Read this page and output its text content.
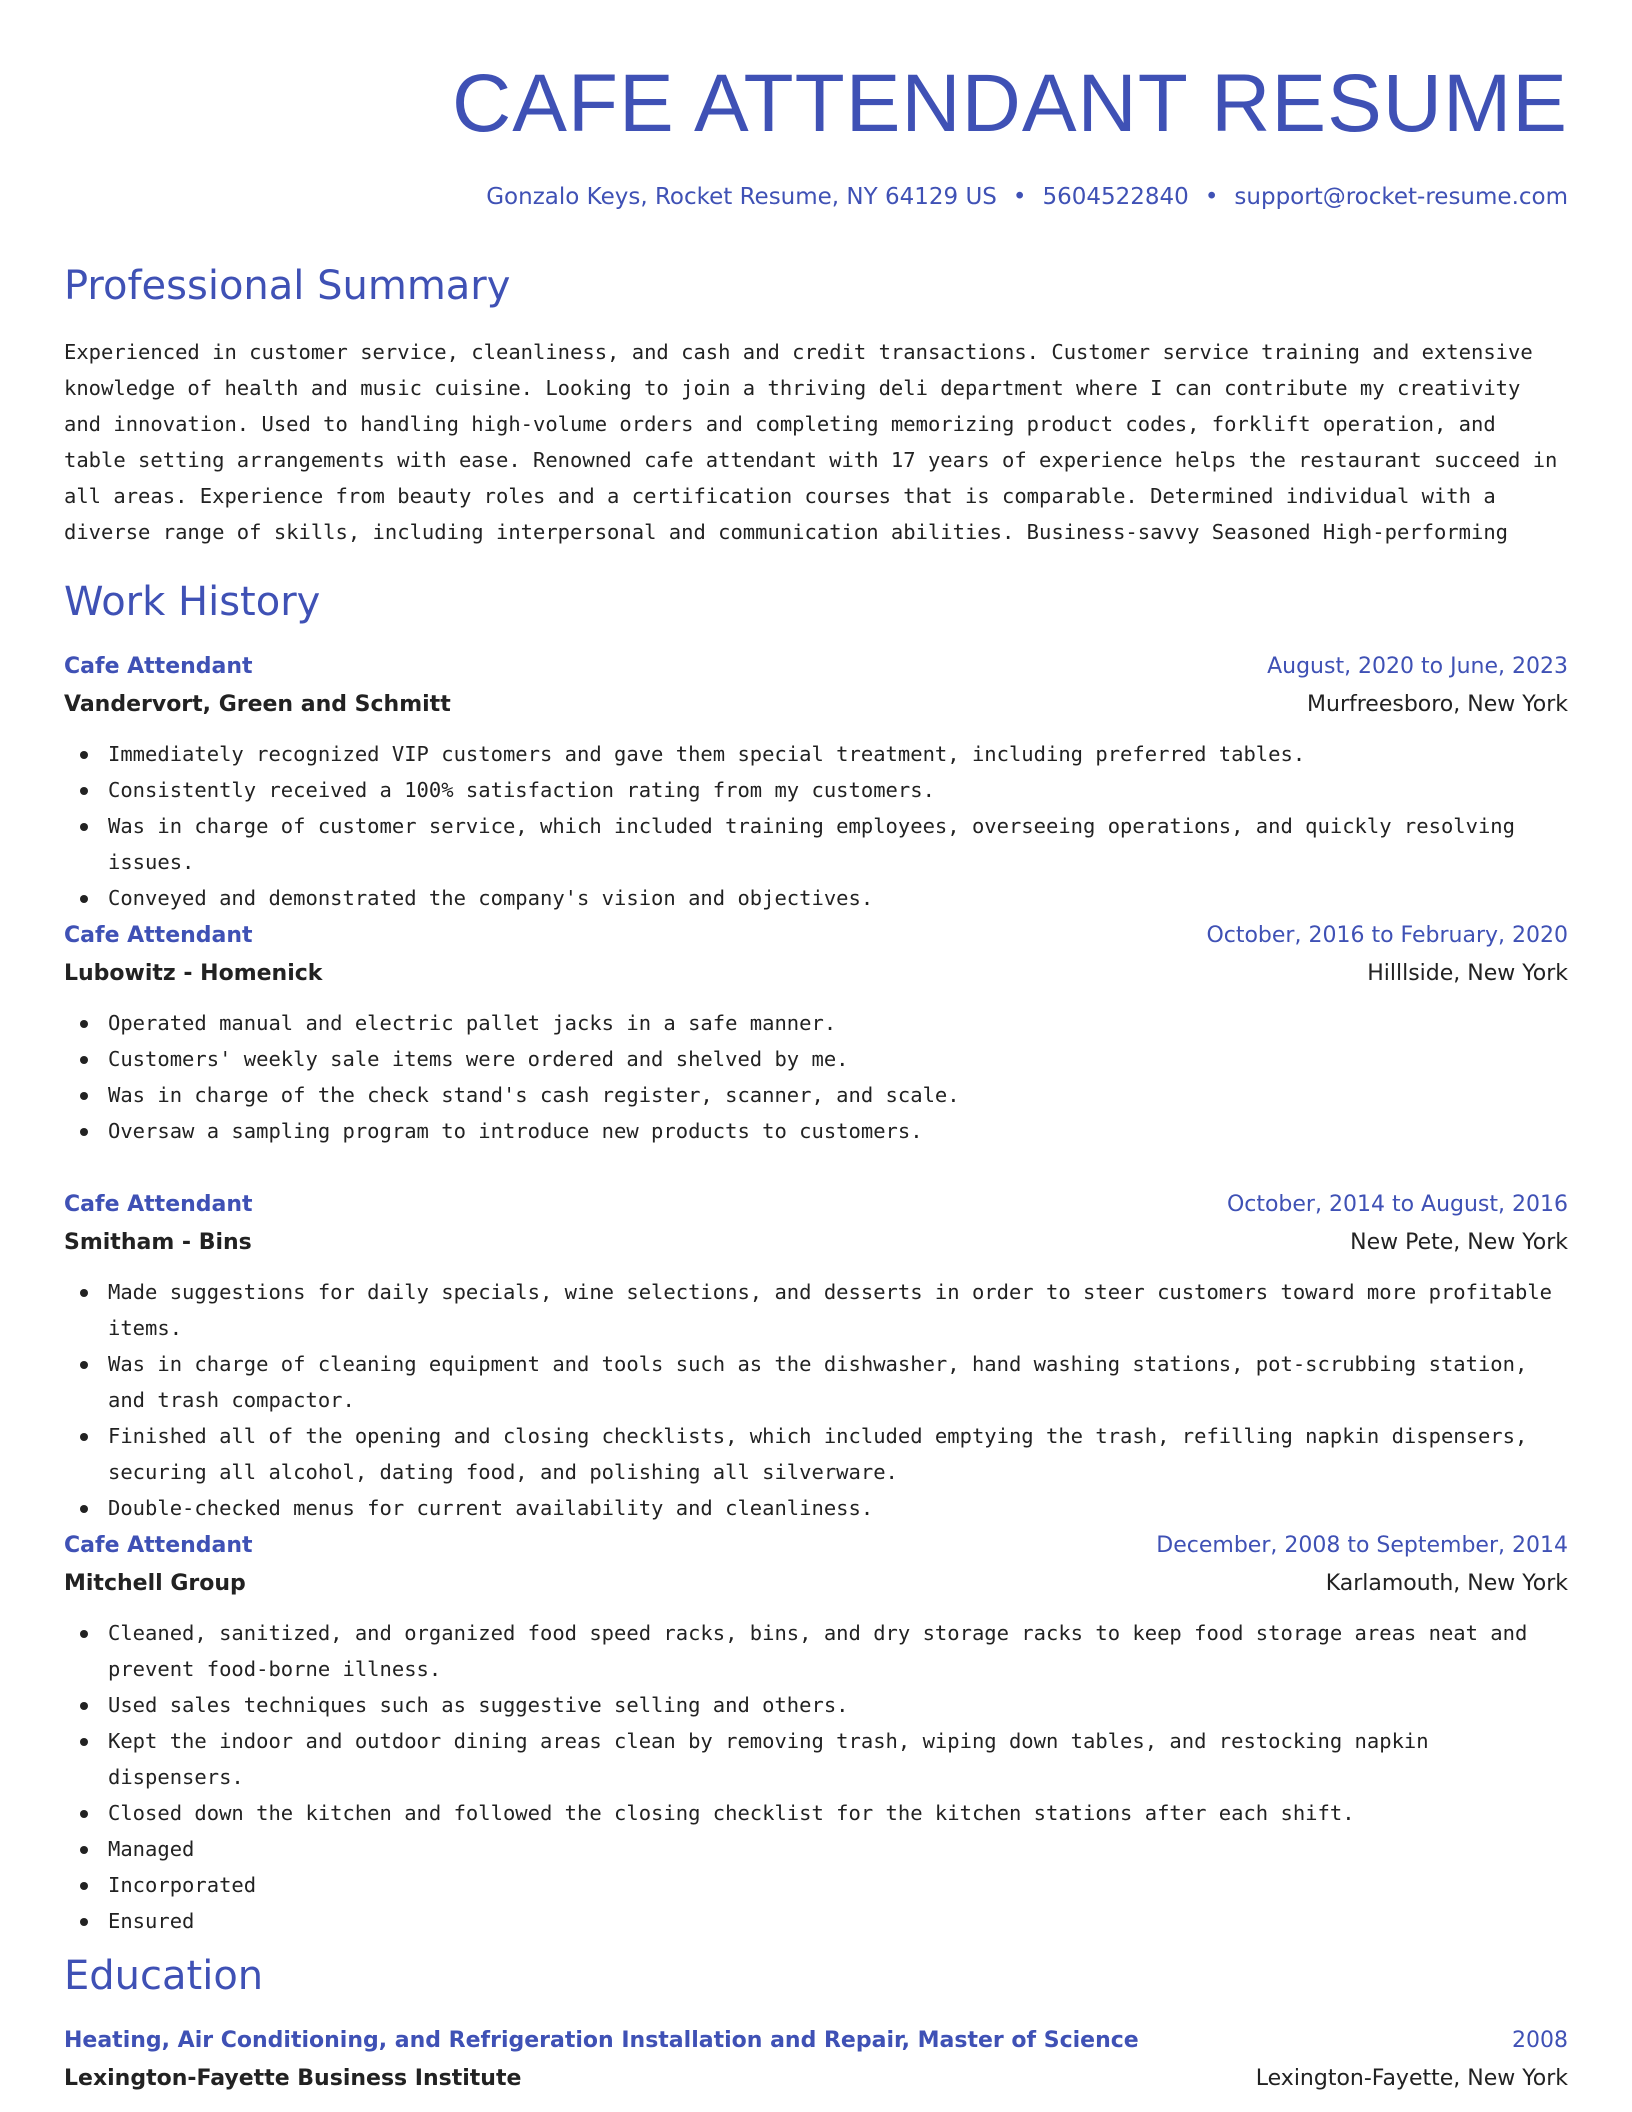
CAFE ATTENDANT RESUME
Gonzalo Keys, Rocket Resume, NY 64129 US • 5604522840 • support@rocket-resume.com
Professional Summary

Experienced in customer service, cleanliness, and cash and credit transactions. Customer service training and extensive knowledge of health and music cuisine. Looking to join a thriving deli department where I can contribute my creativity and innovation. Used to handling high-volume orders and completing memorizing product codes, forklift operation, and table setting arrangements with ease. Renowned cafe attendant with 17 years of experience helps the restaurant succeed in all areas. Experience from beauty roles and a certification courses that is comparable. Determined individual with a diverse range of skills, including interpersonal and communication abilities. Business-savvy Seasoned High-performing

Work History
Cafe Attendant	August, 2020 to June, 2023
Vandervort, Green and Schmitt	Murfreesboro, New York
Immediately recognized VIP customers and gave them special treatment, including preferred tables.
Consistently received a 100% satisfaction rating from my customers.
Was in charge of customer service, which included training employees, overseeing operations, and quickly resolving issues.
Conveyed and demonstrated the company's vision and objectives.
Cafe Attendant	October, 2016 to February, 2020
Lubowitz - Homenick	Hilllside, New York
Operated manual and electric pallet jacks in a safe manner.
Customers' weekly sale items were ordered and shelved by me.
Was in charge of the check stand's cash register, scanner, and scale.
Oversaw a sampling program to introduce new products to customers.
Cafe Attendant	October, 2014 to August, 2016
Smitham - Bins	New Pete, New York
Made suggestions for daily specials, wine selections, and desserts in order to steer customers toward more profitable items.
Was in charge of cleaning equipment and tools such as the dishwasher, hand washing stations, pot-scrubbing station, and trash compactor.
Finished all of the opening and closing checklists, which included emptying the trash, refilling napkin dispensers, securing all alcohol, dating food, and polishing all silverware.
Double-checked menus for current availability and cleanliness.
Cafe Attendant	December, 2008 to September, 2014
Mitchell Group	Karlamouth, New York
Cleaned, sanitized, and organized food speed racks, bins, and dry storage racks to keep food storage areas neat and prevent food-borne illness.
Used sales techniques such as suggestive selling and others.
Kept the indoor and outdoor dining areas clean by removing trash, wiping down tables, and restocking napkin dispensers.
Closed down the kitchen and followed the closing checklist for the kitchen stations after each shift.
Managed
Incorporated
Ensured
Education
Heating, Air Conditioning, and Refrigeration Installation and Repair, Master of Science	2008
Lexington-Fayette Business Institute	Lexington-Fayette, New York
